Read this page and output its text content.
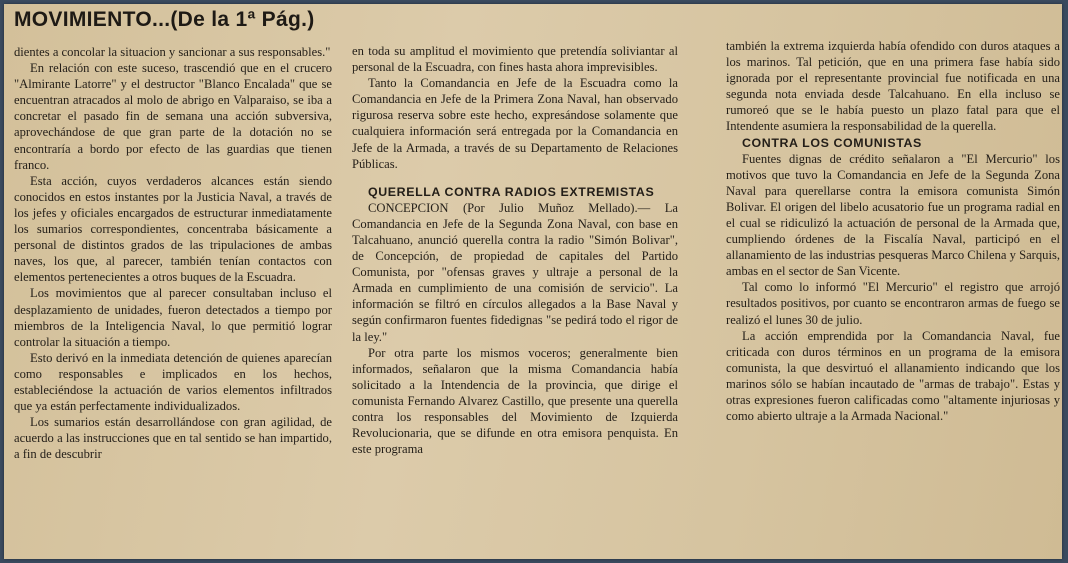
MOVIMIENTO...(De la 1ª Pág.)

dientes a concolar la situacion y sancionar a sus responsables."

En relación con este suceso, trascendió que en el crucero "Almirante Latorre" y el destructor "Blanco Encalada" que se encuentran atracados al molo de abrigo en Valparaiso, se iba a concretar el pasado fin de semana una acción subversiva, aprovechándose de que gran parte de la dotación no se encontraría a bordo por efecto de las guardias que tienen franco.

Esta acción, cuyos verdaderos alcances están siendo conocidos en estos instantes por la Justicia Naval, a través de los jefes y oficiales encargados de estructurar inmediatamente los sumarios correspondientes, concentraba básicamente a personal de distintos grados de las tripulaciones de ambas naves, los que, al parecer, también tenían contactos con elementos pertenecientes a otros buques de la Escuadra.

Los movimientos que al parecer consultaban incluso el desplazamiento de unidades, fueron detectados a tiempo por miembros de la Inteligencia Naval, lo que permitió lograr controlar la situación a tiempo.

Esto derivó en la inmediata detención de quienes aparecían como responsables e implicados en los hechos, estableciéndose la actuación de varios elementos infiltrados que ya están perfectamente individualizados.

Los sumarios están desarrollándose con gran agilidad, de acuerdo a las instrucciones que en tal sentido se han impartido, a fin de descubrir

en toda su amplitud el movimiento que pretendía soliviantar al personal de la Escuadra, con fines hasta ahora imprevisibles.

Tanto la Comandancia en Jefe de la Escuadra como la Comandancia en Jefe de la Primera Zona Naval, han observado rigurosa reserva sobre este hecho, expresándose solamente que cualquiera información será entregada por la Comandancia en Jefe de la Armada, a través de su Departamento de Relaciones Públicas.

QUERELLA CONTRA RADIOS EXTREMISTAS

CONCEPCION (Por Julio Muñoz Mellado).— La Comandancia en Jefe de la Segunda Zona Naval, con base en Talcahuano, anunció querella contra la radio "Simón Bolivar", de Concepción, de propiedad de capitales del Partido Comunista, por "ofensas graves y ultraje a personal de la Armada en cumplimiento de una comisión de servicio". La información se filtró en círculos allegados a la Base Naval y según confirmaron fuentes fidedignas "se pedirá todo el rigor de la ley."

Por otra parte los mismos voceros; generalmente bien informados, señalaron que la misma Comandancia había solicitado a la Intendencia de la provincia, que dirige el comunista Fernando Alvarez Castillo, que presente una querella contra los responsables del Movimiento de Izquierda Revolucionaria, que se difunde en otra emisora penquista. En este programa

también la extrema izquierda había ofendido con duros ataques a los marinos. Tal petición, que en una primera fase había sido ignorada por el representante provincial fue notificada en una segunda nota enviada desde Talcahuano. En ella incluso se rumoreó que se le había puesto un plazo fatal para que el Intendente asumiera la responsabilidad de la querella.

CONTRA LOS COMUNISTAS

Fuentes dignas de crédito señalaron a "El Mercurio" los motivos que tuvo la Comandancia en Jefe de la Segunda Zona Naval para querellarse contra la emisora comunista Simón Bolivar. El origen del libelo acusatorio fue un programa radial en el cual se ridiculizó la actuación de personal de la Armada que, cumpliendo órdenes de la Fiscalía Naval, participó en el allanamiento de las industrias pesqueras Marco Chilena y Sarquis, ambas en el sector de San Vicente.

Tal como lo informó "El Mercurio" el registro que arrojó resultados positivos, por cuanto se encontraron armas de fuego se realizó el lunes 30 de julio.

La acción emprendida por la Comandancia Naval, fue criticada con duros términos en un programa de la emisora comunista, la que desvirtuó el allanamiento indicando que los marinos sólo se habían incautado de "armas de trabajo". Estas y otras expresiones fueron calificadas como "altamente injuriosas y como abierto ultraje a la Armada Nacional."
